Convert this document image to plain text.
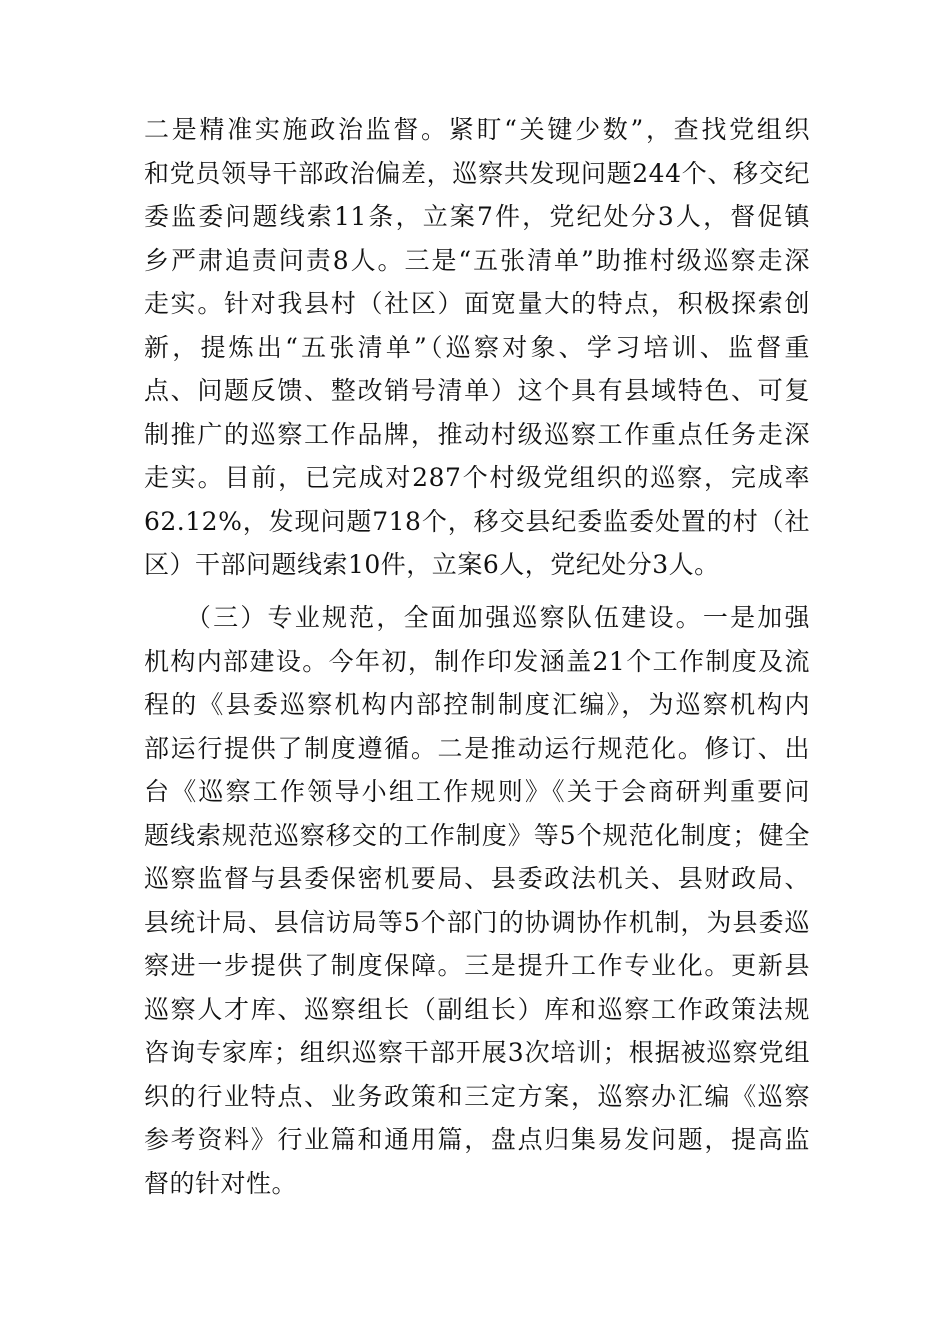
二是精准实施政治监督。紧盯“关键少数”，查找党组织
和党员领导干部政治偏差，巡察共发现问题244个、移交纪
委监委问题线索11条，立案7件，党纪处分3人，督促镇
乡严肃追责问责8人。三是“五张清单”助推村级巡察走深
走实。针对我县村（社区）面宽量大的特点，积极探索创
新，提炼出“五张清单”（巡察对象、学习培训、监督重
点、问题反馈、整改销号清单）这个具有县域特色、可复
制推广的巡察工作品牌，推动村级巡察工作重点任务走深
走实。目前，已完成对287个村级党组织的巡察，完成率
62.12%，发现问题718个，移交县纪委监委处置的村（社
区）干部问题线索10件，立案6人，党纪处分3人。
　　（三）专业规范，全面加强巡察队伍建设。一是加强
机构内部建设。今年初，制作印发涵盖21个工作制度及流
程的《县委巡察机构内部控制制度汇编》，为巡察机构内
部运行提供了制度遵循。二是推动运行规范化。修订、出
台《巡察工作领导小组工作规则》《关于会商研判重要问
题线索规范巡察移交的工作制度》等5个规范化制度；健全
巡察监督与县委保密机要局、县委政法机关、县财政局、
县统计局、县信访局等5个部门的协调协作机制，为县委巡
察进一步提供了制度保障。三是提升工作专业化。更新县
巡察人才库、巡察组长（副组长）库和巡察工作政策法规
咨询专家库；组织巡察干部开展3次培训；根据被巡察党组
织的行业特点、业务政策和三定方案，巡察办汇编《巡察
参考资料》行业篇和通用篇，盘点归集易发问题，提高监
督的针对性。
